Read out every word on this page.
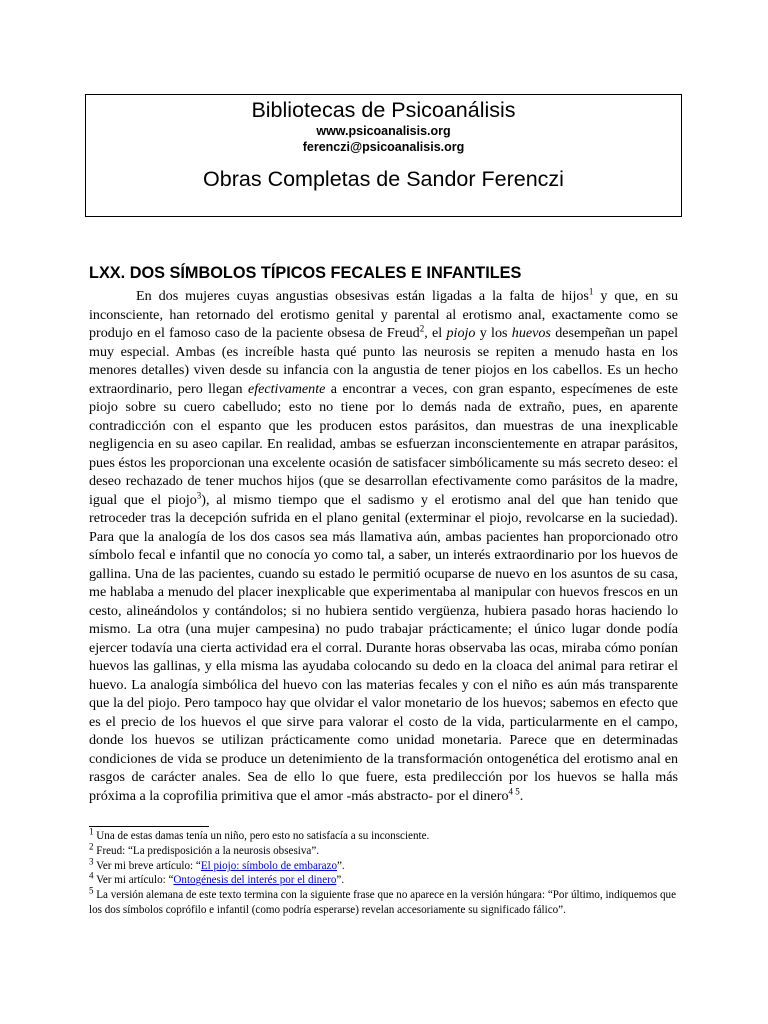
Bibliotecas de Psicoanálisis
www.psicoanalisis.org
ferenczi@psicoanalisis.org
Obras Completas de Sandor Ferenczi
LXX. DOS SÍMBOLOS TÍPICOS FECALES E INFANTILES

En dos mujeres cuyas angustias obsesivas están ligadas a la falta de hijos$^1$ y que, en su inconsciente, han retornado del erotismo genital y parental al erotismo anal, exactamente como se produjo en el famoso caso de la paciente obsesa de Freud$^2$, el piojo y los huevos desempeñan un papel muy especial. Ambas (es increíble hasta qué punto las neurosis se repiten a menudo hasta en los menores detalles) viven desde su infancia con la angustia de tener piojos en los cabellos. Es un hecho extraordinario, pero llegan efectivamente a encontrar a veces, con gran espanto, especímenes de este piojo sobre su cuero cabelludo; esto no tiene por lo demás nada de extraño, pues, en aparente contradicción con el espanto que les producen estos parásitos, dan muestras de una inexplicable negligencia en su aseo capilar. En realidad, ambas se esfuerzan inconscientemente en atrapar parásitos, pues éstos les proporcionan una excelente ocasión de satisfacer simbólicamente su más secreto deseo: el deseo rechazado de tener muchos hijos (que se desarrollan efectivamente como parásitos de la madre, igual que el piojo$^3$), al mismo tiempo que el sadismo y el erotismo anal del que han tenido que retroceder tras la decepción sufrida en el plano genital (exterminar el piojo, revolcarse en la suciedad). Para que la analogía de los dos casos sea más llamativa aún, ambas pacientes han proporcionado otro símbolo fecal e infantil que no conocía yo como tal, a saber, un interés extraordinario por los huevos de gallina. Una de las pacientes, cuando su estado le permitió ocuparse de nuevo en los asuntos de su casa, me hablaba a menudo del placer inexplicable que experimentaba al manipular con huevos frescos en un cesto, alineándolos y contándolos; si no hubiera sentido vergüenza, hubiera pasado horas haciendo lo mismo. La otra (una mujer campesina) no pudo trabajar prácticamente; el único lugar donde podía ejercer todavía una cierta actividad era el corral. Durante horas observaba las ocas, miraba cómo ponían huevos las gallinas, y ella misma las ayudaba colocando su dedo en la cloaca del animal para retirar el huevo. La analogía simbólica del huevo con las materias fecales y con el niño es aún más transparente que la del piojo. Pero tampoco hay que olvidar el valor monetario de los huevos; sabemos en efecto que es el precio de los huevos el que sirve para valorar el costo de la vida, particularmente en el campo, donde los huevos se utilizan prácticamente como unidad monetaria. Parece que en determinadas condiciones de vida se produce un detenimiento de la transformación ontogenética del erotismo anal en rasgos de carácter anales. Sea de ello lo que fuere, esta predilección por los huevos se halla más próxima a la coprofilia primitiva que el amor -más abstracto- por el dinero$^{4 5}$.

$^1$ Una de estas damas tenía un niño, pero esto no satisfacía a su inconsciente.

$^2$ Freud: “La predisposición a la neurosis obsesiva”.

$^3$ Ver mi breve artículo: “El piojo: símbolo de embarazo”.

$^4$ Ver mi artículo: “Ontogénesis del interés por el dinero”.

$^5$ La versión alemana de este texto termina con la siguiente frase que no aparece en la versión húngara: “Por último, indiquemos que los dos símbolos coprófilo e infantil (como podría esperarse) revelan accesoriamente su significado fálico”.
